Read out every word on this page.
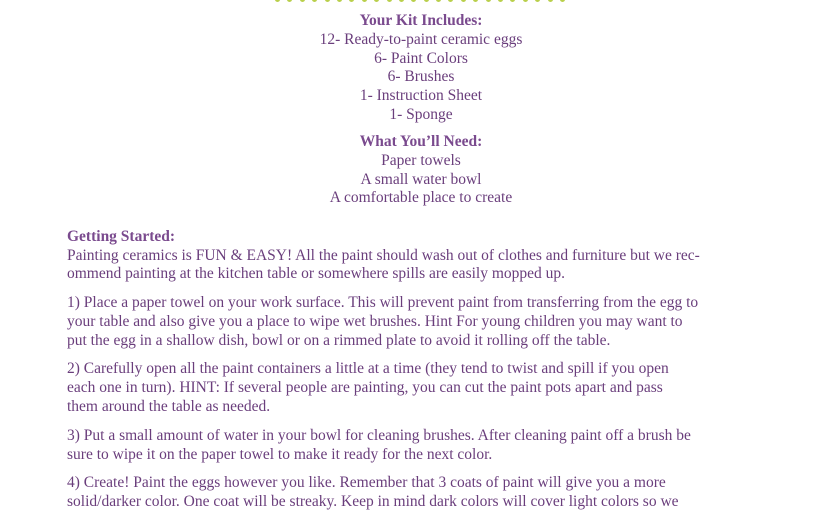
Your Kit Includes:
12- Ready-to-paint ceramic eggs
6- Paint Colors
6- Brushes
1- Instruction Sheet
1- Sponge
What You’ll Need:
Paper towels
A small water bowl
A comfortable place to create
Getting Started:

Painting ceramics is FUN & EASY! All the paint should wash out of clothes and furniture but we rec-
ommend painting at the kitchen table or somewhere spills are easily mopped up.

1) Place a paper towel on your work surface. This will prevent paint from transferring from the egg to
your table and also give you a place to wipe wet brushes. Hint For young children you may want to
put the egg in a shallow dish, bowl or on a rimmed plate to avoid it rolling off the table.

2) Carefully open all the paint containers a little at a time (they tend to twist and spill if you open
each one in turn). HINT: If several people are painting, you can cut the paint pots apart and pass
them around the table as needed.

3) Put a small amount of water in your bowl for cleaning brushes. After cleaning paint off a brush be
sure to wipe it on the paper towel to make it ready for the next color.

4) Create! Paint the eggs however you like. Remember that 3 coats of paint will give you a more
solid/darker color. One coat will be streaky. Keep in mind dark colors will cover light colors so we
